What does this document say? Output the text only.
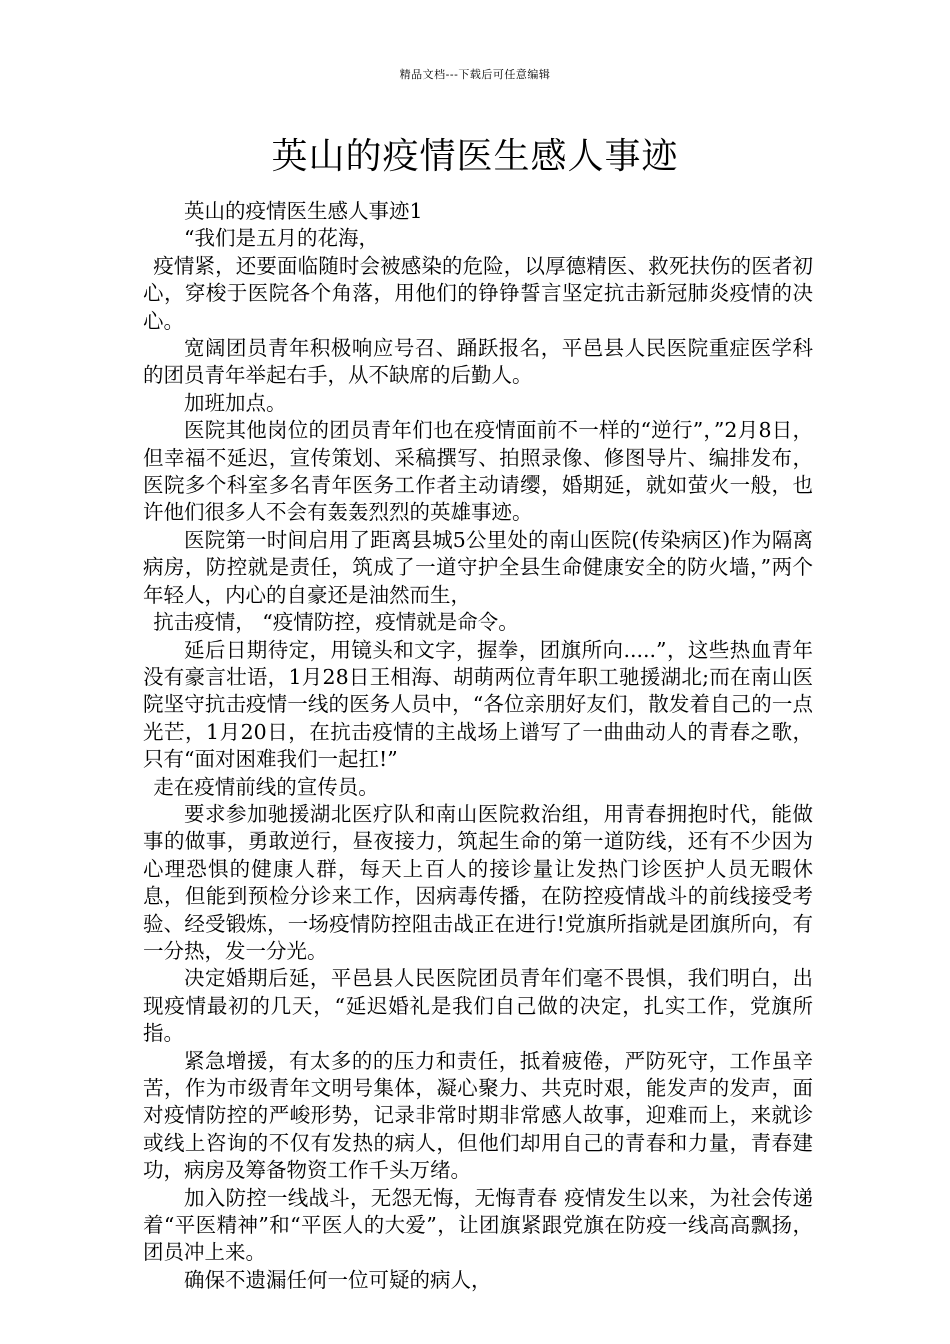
精品文档---下载后可任意编辑
英山的疫情医生感人事迹

英山的疫情医生感人事迹1

“我们是五月的花海，

疫情紧，还要面临随时会被感染的危险，以厚德精医、救死扶伤的医者初心，穿梭于医院各个角落，用他们的铮铮誓言坚定抗击新冠肺炎疫情的决心。

宽阔团员青年积极响应号召、踊跃报名，平邑县人民医院重症医学科的团员青年举起右手，从不缺席的后勤人。

加班加点。

医院其他岗位的团员青年们也在疫情面前不一样的“逆行”，”2月8日，但幸福不延迟，宣传策划、采稿撰写、拍照录像、修图导片、编排发布，医院多个科室多名青年医务工作者主动请缨，婚期延，就如萤火一般，也许他们很多人不会有轰轰烈烈的英雄事迹。

医院第一时间启用了距离县城5公里处的南山医院(传染病区)作为隔离病房，防控就是责任，筑成了一道守护全县生命健康安全的防火墙，”两个年轻人，内心的自豪还是油然而生，

抗击疫情， “疫情防控，疫情就是命令。

延后日期待定，用镜头和文字，握拳，团旗所向.....”，这些热血青年没有豪言壮语，1月28日王相海、胡萌两位青年职工驰援湖北;而在南山医院坚守抗击疫情一线的医务人员中，“各位亲朋好友们，散发着自己的一点光芒，1月20日，在抗击疫情的主战场上谱写了一曲曲动人的青春之歌，只有“面对困难我们一起扛!”

走在疫情前线的宣传员。

要求参加驰援湖北医疗队和南山医院救治组，用青春拥抱时代，能做事的做事，勇敢逆行，昼夜接力，筑起生命的第一道防线，还有不少因为心理恐惧的健康人群，每天上百人的接诊量让发热门诊医护人员无暇休息，但能到预检分诊来工作，因病毒传播，在防控疫情战斗的前线接受考验、经受锻炼，一场疫情防控阻击战正在进行!党旗所指就是团旗所向，有一分热，发一分光。

决定婚期后延，平邑县人民医院团员青年们毫不畏惧，我们明白，出现疫情最初的几天，“延迟婚礼是我们自己做的决定，扎实工作，党旗所指。

紧急增援，有太多的的压力和责任，抵着疲倦，严防死守，工作虽辛苦，作为市级青年文明号集体，凝心聚力、共克时艰，能发声的发声，面对疫情防控的严峻形势，记录非常时期非常感人故事，迎难而上，来就诊或线上咨询的不仅有发热的病人，但他们却用自己的青春和力量，青春建功，病房及筹备物资工作千头万绪。

加入防控一线战斗，无怨无悔，无悔青春 疫情发生以来，为社会传递着“平医精神”和“平医人的大爱”，让团旗紧跟党旗在防疫一线高高飘扬，团员冲上来。

确保不遗漏任何一位可疑的病人，
